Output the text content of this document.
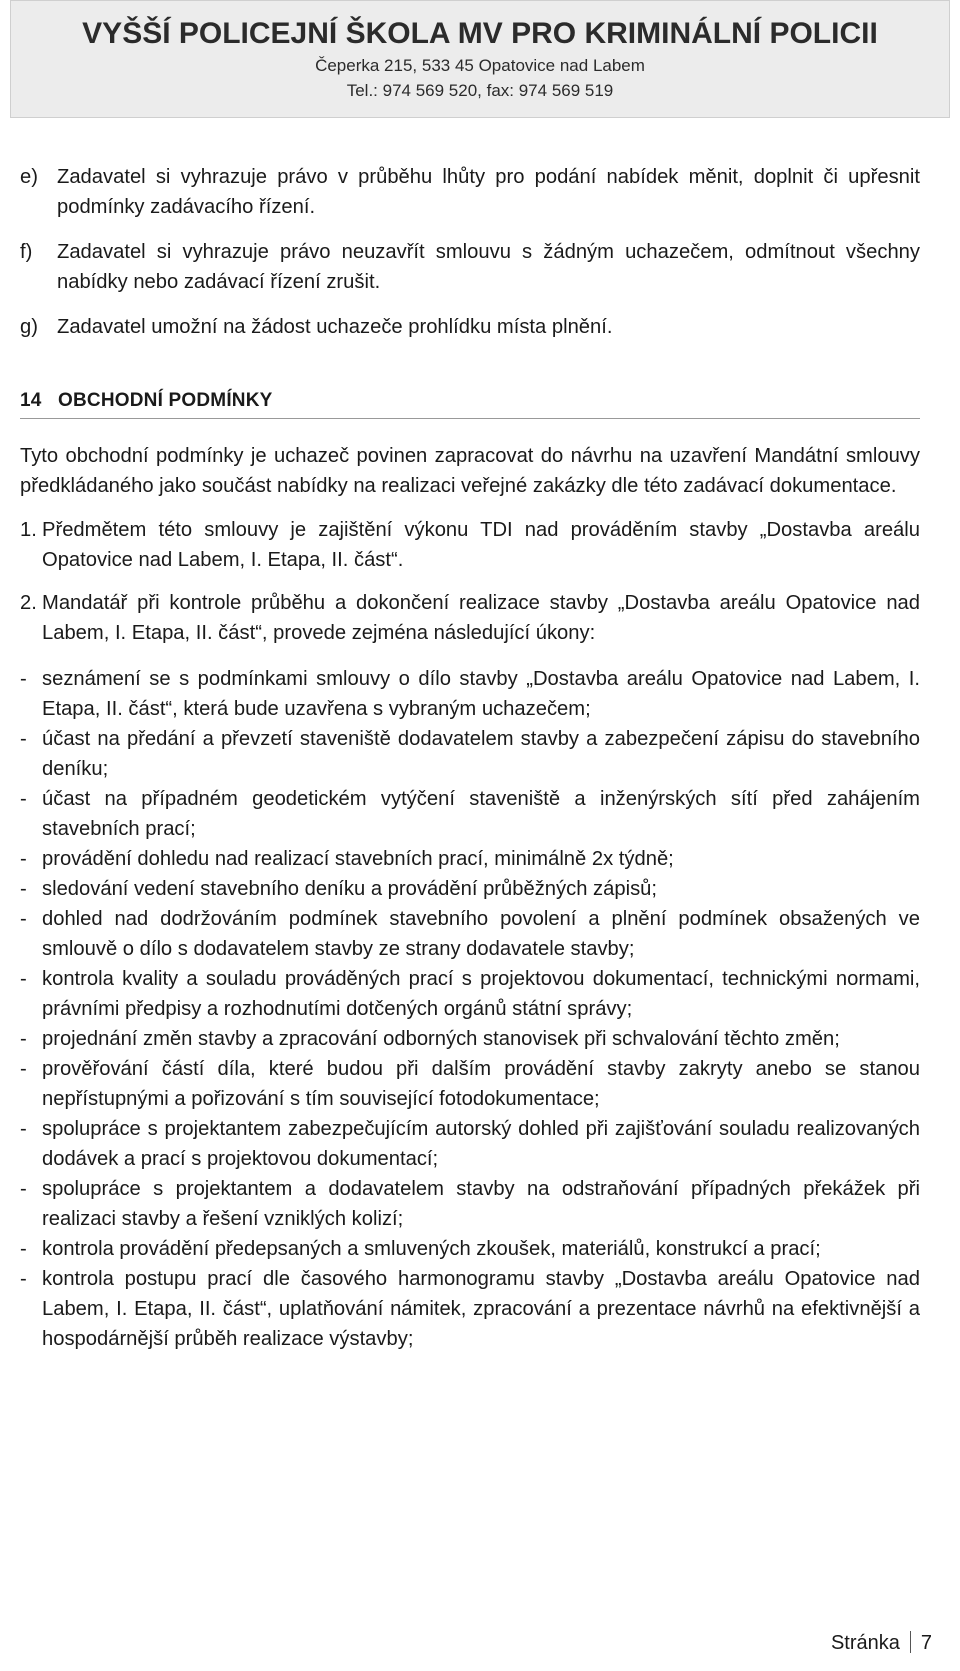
VYŠŠÍ POLICEJNÍ ŠKOLA MV PRO KRIMINÁLNÍ POLICII
Čeperka 215, 533 45 Opatovice nad Labem
Tel.: 974 569 520, fax: 974 569 519
e) Zadavatel si vyhrazuje právo v průběhu lhůty pro podání nabídek měnit, doplnit či upřesnit podmínky zadávacího řízení.
f)	Zadavatel si vyhrazuje právo neuzavřít smlouvu s žádným uchazečem, odmítnout všechny nabídky nebo zadávací řízení zrušit.
g) Zadavatel umožní na žádost uchazeče prohlídku místa plnění.
14 OBCHODNÍ PODMÍNKY
Tyto obchodní podmínky je uchazeč povinen zapracovat do návrhu na uzavření Mandátní smlouvy předkládaného jako součást nabídky na realizaci veřejné zakázky dle této zadávací dokumentace.
1. Předmětem této smlouvy je zajištění výkonu TDI nad prováděním stavby „Dostavba areálu Opatovice nad Labem, I. Etapa, II. část“.
2. Mandatář při kontrole průběhu a dokončení realizace stavby „Dostavba areálu Opatovice nad Labem, I. Etapa, II. část“, provede zejména následující úkony:
- seznámení se s podmínkami smlouvy o dílo stavby „Dostavba areálu Opatovice nad Labem, I. Etapa, II. část“, která bude uzavřena s vybraným uchazečem;
- účast na předání a převzetí staveniště dodavatelem stavby a zabezpečení zápisu do stavebního deníku;
- účast na případném geodetickém vytýčení staveniště a inženýrských sítí před zahájením stavebních prací;
- provádění dohledu nad realizací stavebních prací, minimálně 2x týdně;
- sledování vedení stavebního deníku a provádění průběžných zápisů;
- dohled nad dodržováním podmínek stavebního povolení a plnění podmínek obsažených ve smlouvě o dílo s dodavatelem stavby ze strany dodavatele stavby;
- kontrola kvality a souladu prováděných prací s projektovou dokumentací, technickými normami, právními předpisy a rozhodnutími dotčených orgánů státní správy;
- projednání změn stavby a zpracování odborných stanovisek při schvalování těchto změn;
- prověřování částí díla, které budou při dalším provádění stavby zakryty anebo se stanou nepřístupnými a pořizování s tím související fotodokumentace;
- spolupráce s projektantem zabezpečujícím autorský dohled při zajišťování souladu realizovaných dodávek a prací s projektovou dokumentací;
- spolupráce s projektantem a dodavatelem stavby na odstraňování případných překážek při realizaci stavby a řešení vzniklých kolizí;
- kontrola provádění předepsaných a smluvených zkoušek, materiálů, konstrukcí a prací;
- kontrola postupu prací dle časového harmonogramu stavby „Dostavba areálu Opatovice nad Labem, I. Etapa, II. část“, uplatňování námitek, zpracování a prezentace návrhů na efektivnější a hospodárnější průběh realizace výstavby;
Stránka 7
